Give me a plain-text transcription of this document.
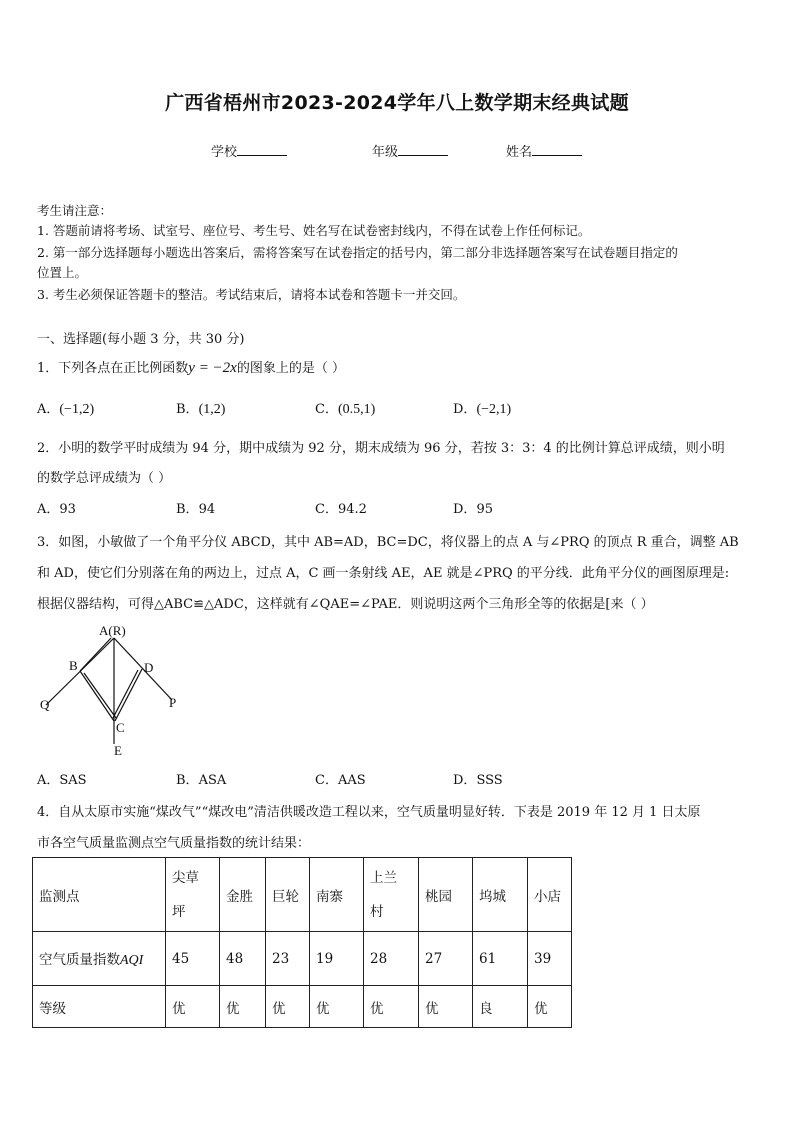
广西省梧州市2023-2024学年八上数学期末经典试题
学校	年级	姓名
考生请注意：
1. 答题前请将考场、试室号、座位号、考生号、姓名写在试卷密封线内，不得在试卷上作任何标记。
2. 第一部分选择题每小题选出答案后，需将答案写在试卷指定的括号内，第二部分非选择题答案写在试卷题目指定的
位置上。
3. 考生必须保证答题卡的整洁。考试结束后，请将本试卷和答题卡一并交回。
一、选择题(每小题 3 分，共 30 分)
1．下列各点在正比例函数y = −2x的图象上的是（ ）
A．(−1,2)	B．(1,2)	C．(0.5,1)	D．(−2,1)
2．小明的数学平时成绩为 94 分，期中成绩为 92 分，期末成绩为 96 分，若按 3：3：4 的比例计算总评成绩，则小明
的数学总评成绩为（ ）
A．93	B．94	C．94.2	D．95
3．如图，小敏做了一个角平分仪 ABCD，其中 AB=AD，BC=DC，将仪器上的点 A 与∠PRQ 的顶点 R 重合，调整 AB
和 AD，使它们分别落在角的两边上，过点 A，C 画一条射线 AE，AE 就是∠PRQ 的平分线．此角平分仪的画图原理是:
根据仪器结构，可得△ABC≌△ADC，这样就有∠QAE=∠PAE．则说明这两个三角形全等的依据是[来（ ）
A(R)
B	D
Q	P
C
E
A．SAS	B．ASA	C．AAS	D．SSS
4．自从太原市实施“煤改气”“煤改电”清洁供暖改造工程以来，空气质量明显好转．下表是 2019 年 12 月 1 日太原
市各空气质量监测点空气质量指数的统计结果：
监测点	尖草坪	金胜	巨轮	南寨	上兰村	桃园	坞城	小店
空气质量指数AQI	45	48	23	19	28	27	61	39
等级	优	优	优	优	优	优	良	优
